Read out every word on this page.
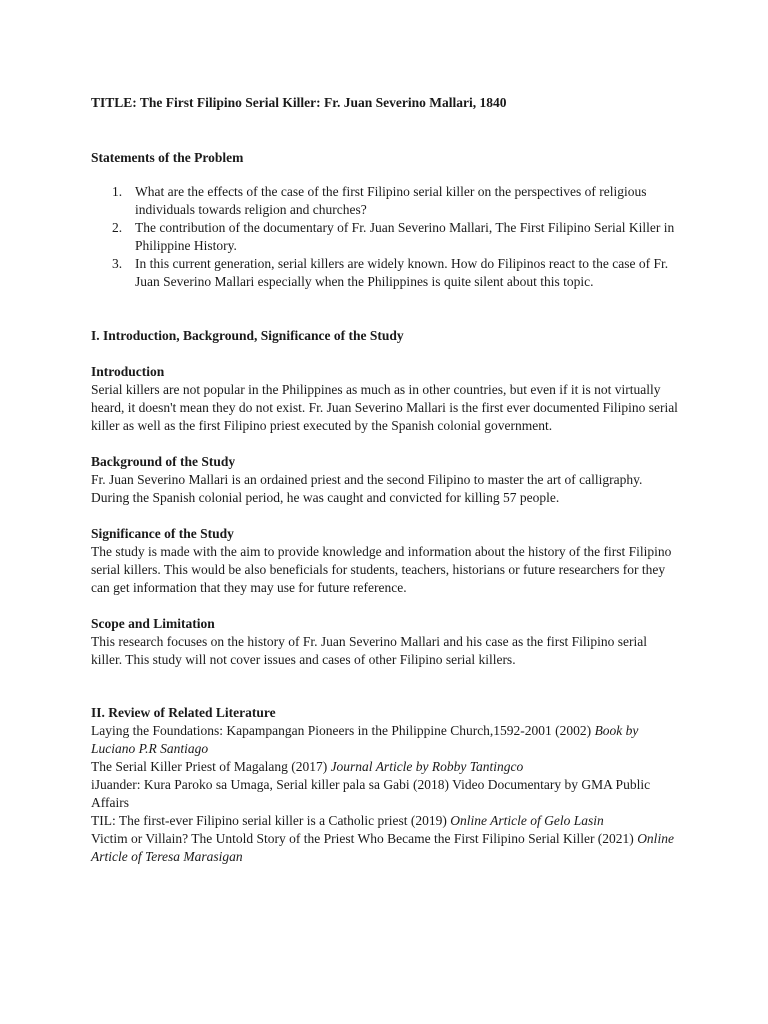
TITLE: The First Filipino Serial Killer: Fr. Juan Severino Mallari, 1840

Statements of the Problem
1. What are the effects of the case of the first Filipino serial killer on the perspectives of religious individuals towards religion and churches?
2. The contribution of the documentary of Fr. Juan Severino Mallari, The First Filipino Serial Killer in Philippine History.
3. In this current generation, serial killers are widely known. How do Filipinos react to the case of Fr. Juan Severino Mallari especially when the Philippines is quite silent about this topic.
I. Introduction, Background, Significance of the Study
Introduction

Serial killers are not popular in the Philippines as much as in other countries, but even if it is not virtually heard, it doesn't mean they do not exist. Fr. Juan Severino Mallari is the first ever documented Filipino serial killer as well as the first Filipino priest executed by the Spanish colonial government.

Background of the Study

Fr. Juan Severino Mallari is an ordained priest and the second Filipino to master the art of calligraphy. During the Spanish colonial period, he was caught and convicted for killing 57 people.

Significance of the Study

The study is made with the aim to provide knowledge and information about the history of the first Filipino serial killers. This would be also beneficials for students, teachers, historians or future researchers for they can get information that they may use for future reference.

Scope and Limitation

This research focuses on the history of Fr. Juan Severino Mallari and his case as the first Filipino serial killer. This study will not cover issues and cases of other Filipino serial killers.

II. Review of Related Literature

Laying the Foundations: Kapampangan Pioneers in the Philippine Church,1592-2001 (2002) Book by Luciano P.R Santiago

The Serial Killer Priest of Magalang (2017) Journal Article by Robby Tantingco

iJuander: Kura Paroko sa Umaga, Serial killer pala sa Gabi (2018) Video Documentary by GMA Public Affairs

TIL: The first-ever Filipino serial killer is a Catholic priest (2019) Online Article of Gelo Lasin

Victim or Villain? The Untold Story of the Priest Who Became the First Filipino Serial Killer (2021) Online Article of Teresa Marasigan
